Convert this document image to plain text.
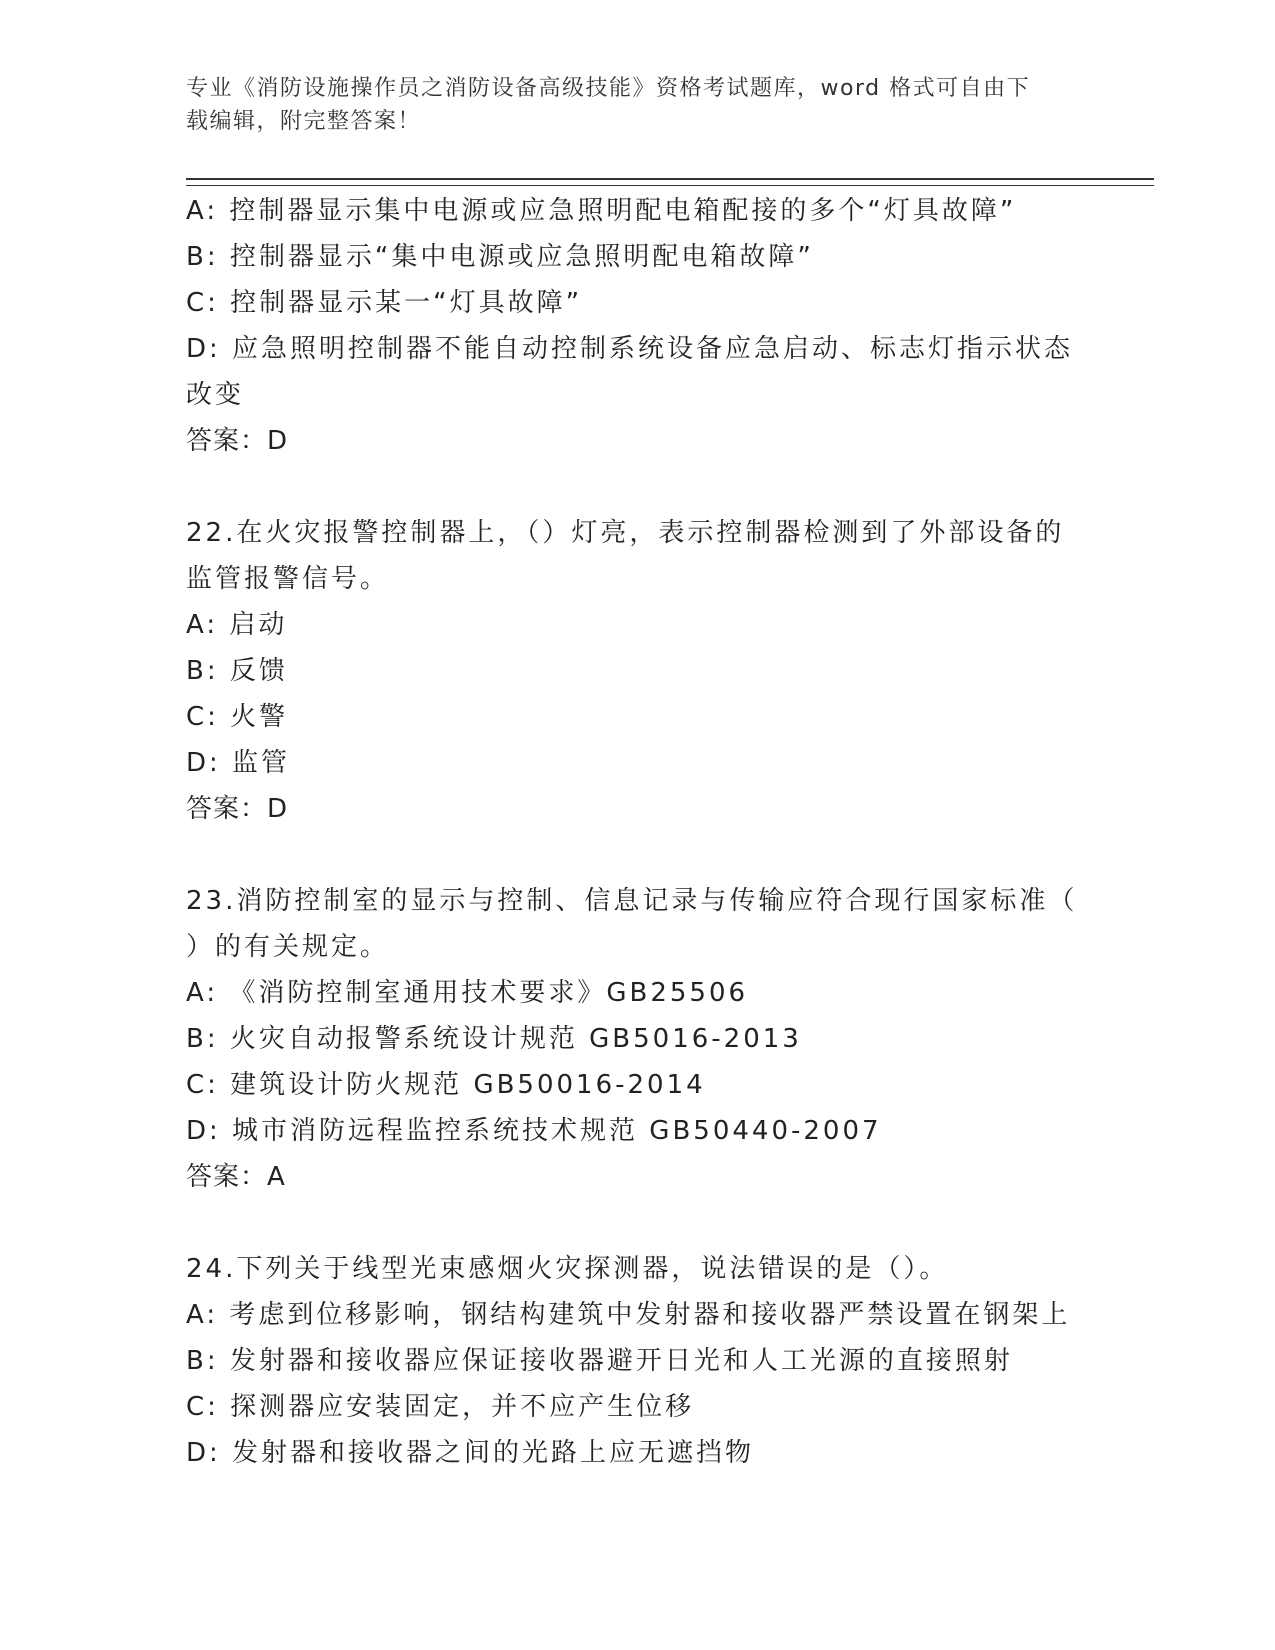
专业《消防设施操作员之消防设备高级技能》资格考试题库，word 格式可自由下
载编辑，附完整答案！
A: 控制器显示集中电源或应急照明配电箱配接的多个“灯具故障”
B: 控制器显示“集中电源或应急照明配电箱故障”
C: 控制器显示某一“灯具故障”
D: 应急照明控制器不能自动控制系统设备应急启动、标志灯指示状态
改变
答案：D
22.在火灾报警控制器上，（）灯亮，表示控制器检测到了外部设备的
监管报警信号。
A: 启动
B: 反馈
C: 火警
D: 监管
答案：D
23.消防控制室的显示与控制、信息记录与传输应符合现行国家标准（
）的有关规定。
A: 《消防控制室通用技术要求》GB25506
B: 火灾自动报警系统设计规范 GB5016-2013
C: 建筑设计防火规范 GB50016-2014
D: 城市消防远程监控系统技术规范 GB50440-2007
答案：A
24.下列关于线型光束感烟火灾探测器，说法错误的是（）。
A: 考虑到位移影响，钢结构建筑中发射器和接收器严禁设置在钢架上
B: 发射器和接收器应保证接收器避开日光和人工光源的直接照射
C: 探测器应安装固定，并不应产生位移
D: 发射器和接收器之间的光路上应无遮挡物
